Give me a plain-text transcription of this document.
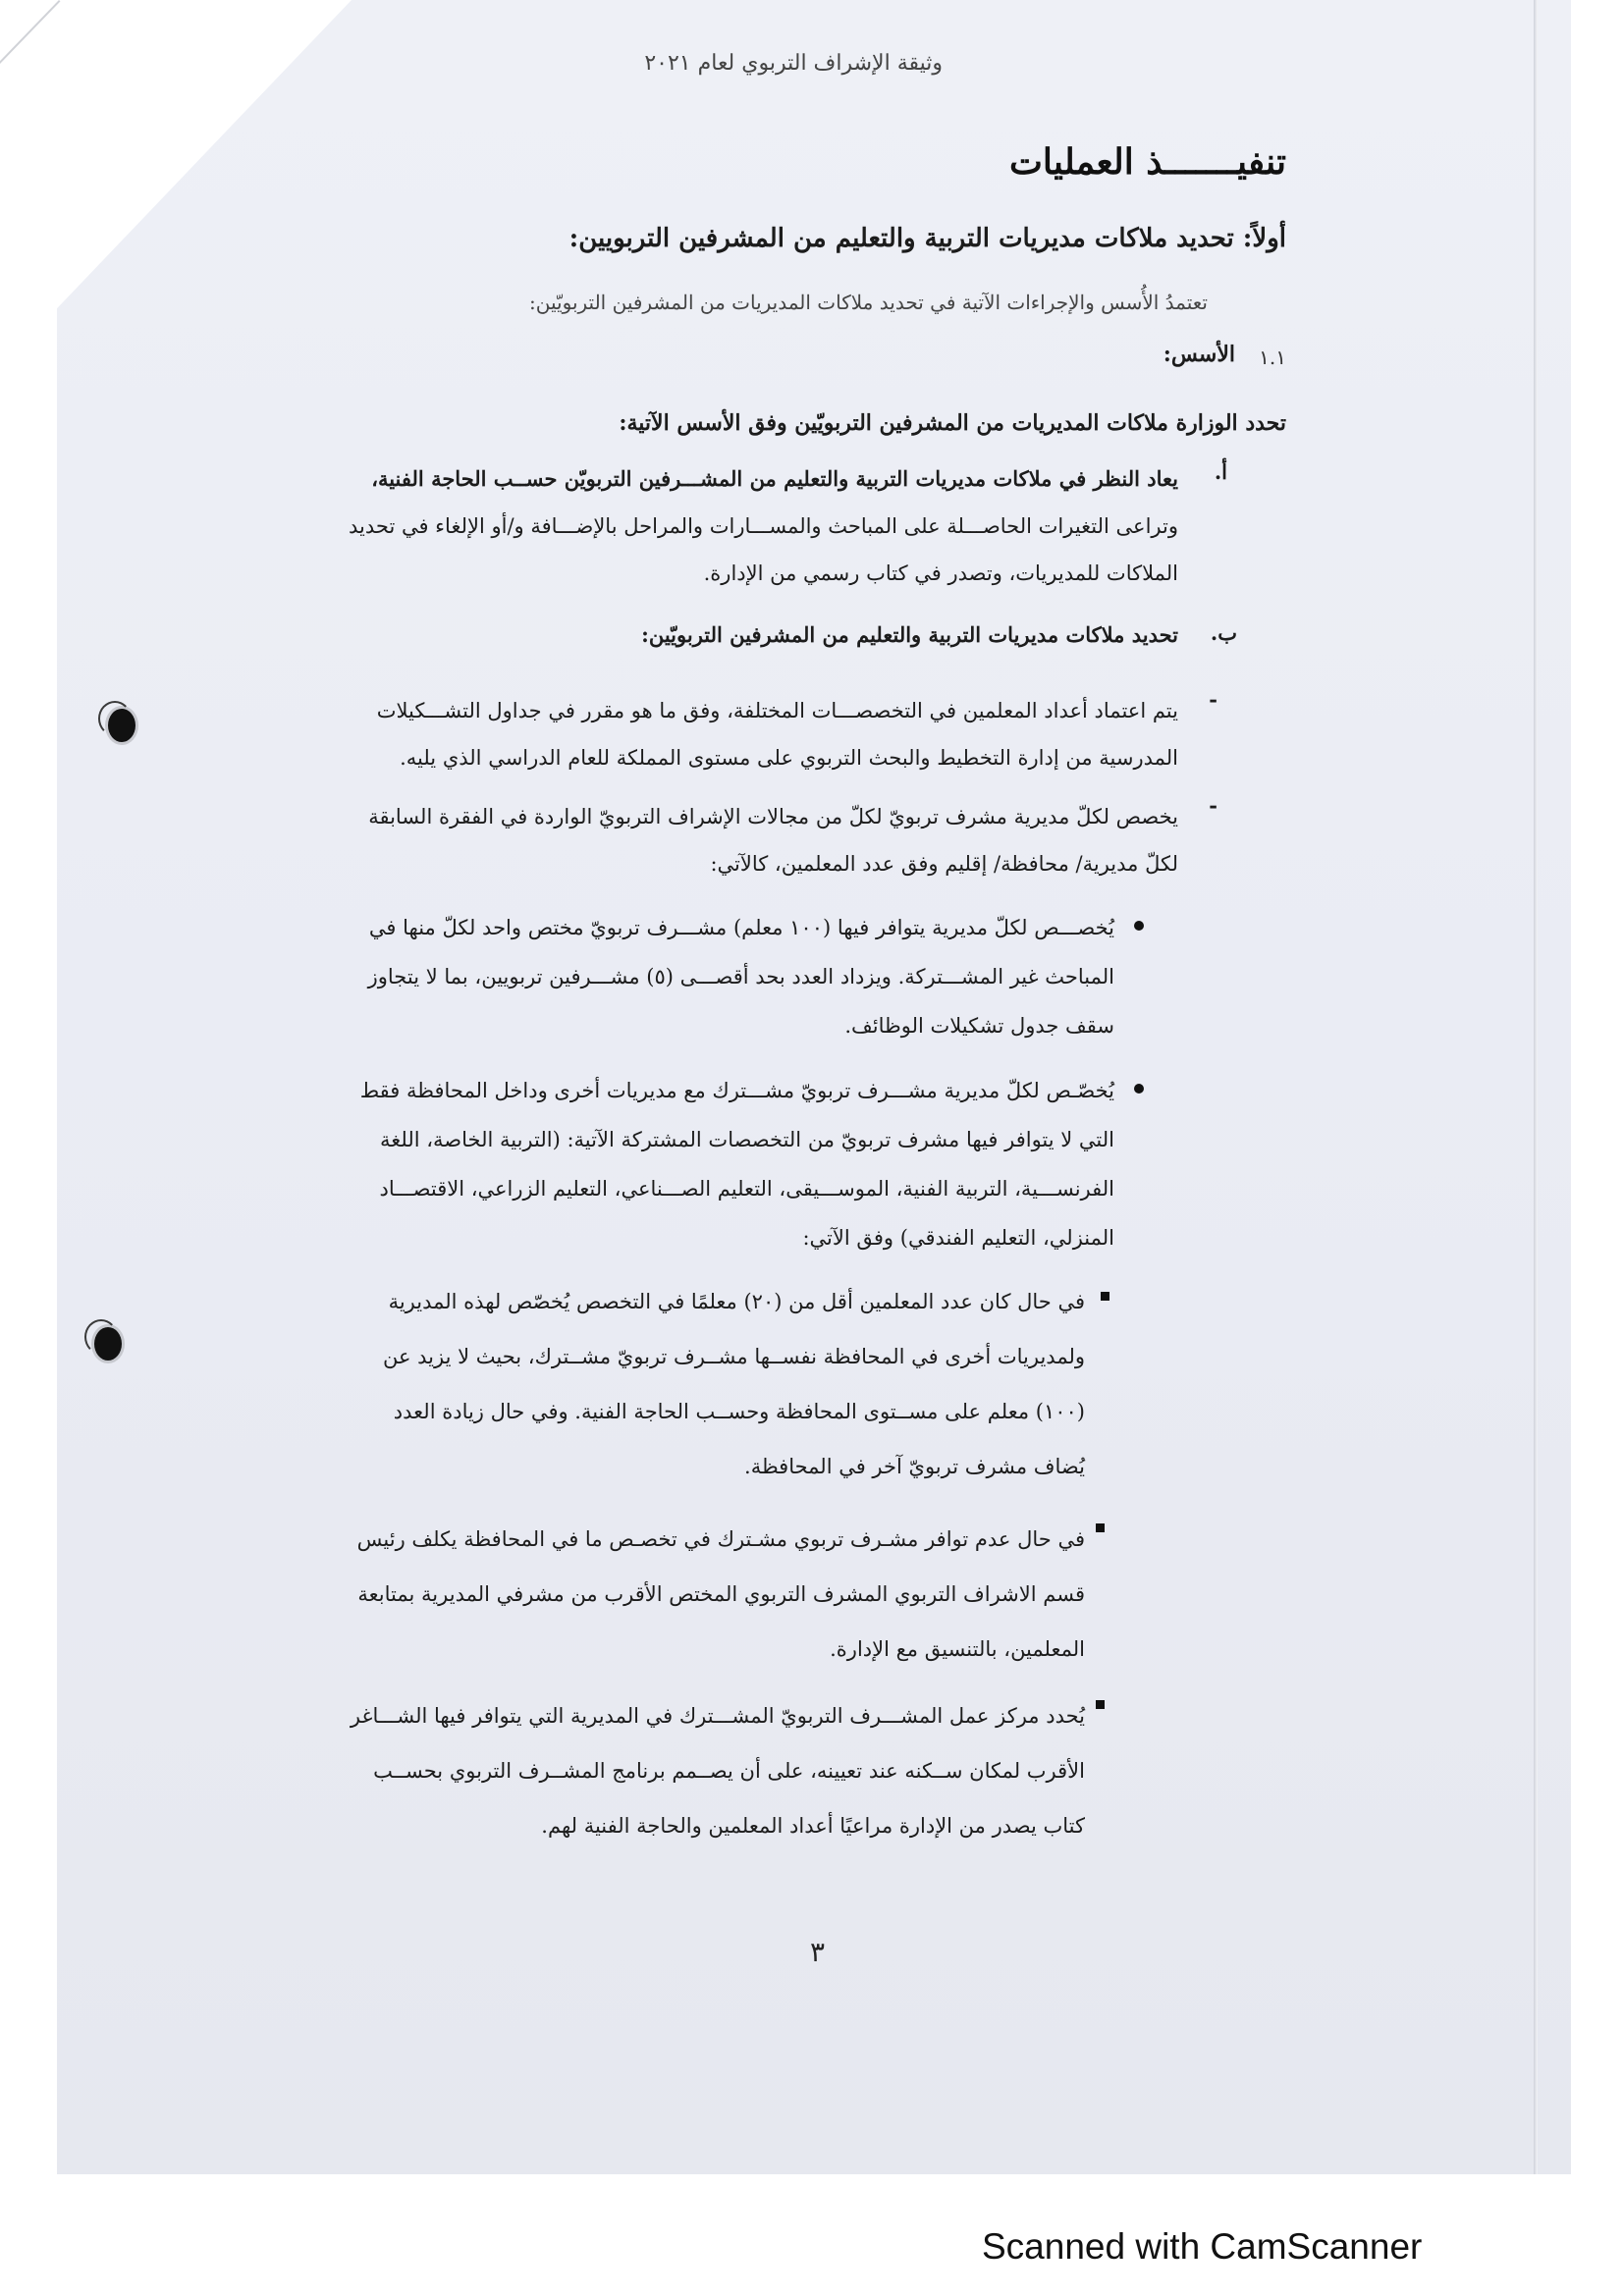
وثيقة الإشراف التربوي لعام ٢٠٢١
تنفيـــــــذ العمليات
أولاً: تحديد ملاكات مديريات التربية والتعليم من المشرفين التربويين:
تعتمدُ الأُسس والإجراءات الآتية في تحديد ملاكات المديريات من المشرفين التربويّين:
١.١
الأسس:
تحدد الوزارة ملاكات المديريات من المشرفين التربويّين وفق الأسس الآتية:
أ.
يعاد النظر في ملاكات مديريات التربية والتعليم من المشـــرفين التربويّن حســب الحاجة الفنية،
وتراعى التغيرات الحاصـــلة على المباحث والمســـارات والمراحل بالإضـــافة و/أو الإلغاء في تحديد
الملاكات للمديريات، وتصدر في كتاب رسمي من الإدارة.
ب.
تحديد ملاكات مديريات التربية والتعليم من المشرفين التربويّين:
-
يتم اعتماد أعداد المعلمين في التخصصـــات المختلفة، وفق ما هو مقرر في جداول التشـــكيلات
المدرسية من إدارة التخطيط والبحث التربوي على مستوى المملكة للعام الدراسي الذي يليه.
-
يخصص لكلّ مديرية مشرف تربويّ لكلّ من مجالات الإشراف التربويّ الواردة في الفقرة السابقة
لكلّ مديرية/ محافظة/ إقليم وفق عدد المعلمين، كالآتي:
يُخصـــص لكلّ مديرية يتوافر فيها (١٠٠ معلم) مشـــرف تربويّ مختص واحد لكلّ منها في
المباحث غير المشـــتركة. ويزداد العدد بحد أقصـــى (٥) مشـــرفين تربويين، بما لا يتجاوز
سقف جدول تشكيلات الوظائف.
يُخصّـص لكلّ مديرية مشـــرف تربويّ مشـــترك مع مديريات أخرى وداخل المحافظة فقط
التي لا يتوافر فيها مشرف تربويّ من التخصصات المشتركة الآتية: (التربية الخاصة، اللغة
الفرنســـية، التربية الفنية، الموســـيقى، التعليم الصـــناعي، التعليم الزراعي، الاقتصـــاد
المنزلي، التعليم الفندقي) وفق الآتي:
في حال كان عدد المعلمين أقل من (٢٠) معلمًا في التخصص يُخصّص لهذه المديرية
ولمديريات أخرى في المحافظة نفســها مشــرف تربويّ مشــترك، بحيث لا يزيد عن
(١٠٠) معلم على مســتوى المحافظة وحســب الحاجة الفنية. وفي حال زيادة العدد
يُضاف مشرف تربويّ آخر في المحافظة.
في حال عدم توافر مشـرف تربوي مشـترك في تخصـص ما في المحافظة يكلف رئيس
قسم الاشراف التربوي المشرف التربوي المختص الأقرب من مشرفي المديرية بمتابعة
المعلمين، بالتنسيق مع الإدارة.
يُحدد مركز عمل المشـــرف التربويّ المشـــترك في المديرية التي يتوافر فيها الشـــاغر
الأقرب لمكان ســكنه عند تعيينه، على أن يصــمم برنامج المشــرف التربوي بحســب
كتاب يصدر من الإدارة مراعيًا أعداد المعلمين والحاجة الفنية لهم.
٣
Scanned with CamScanner
